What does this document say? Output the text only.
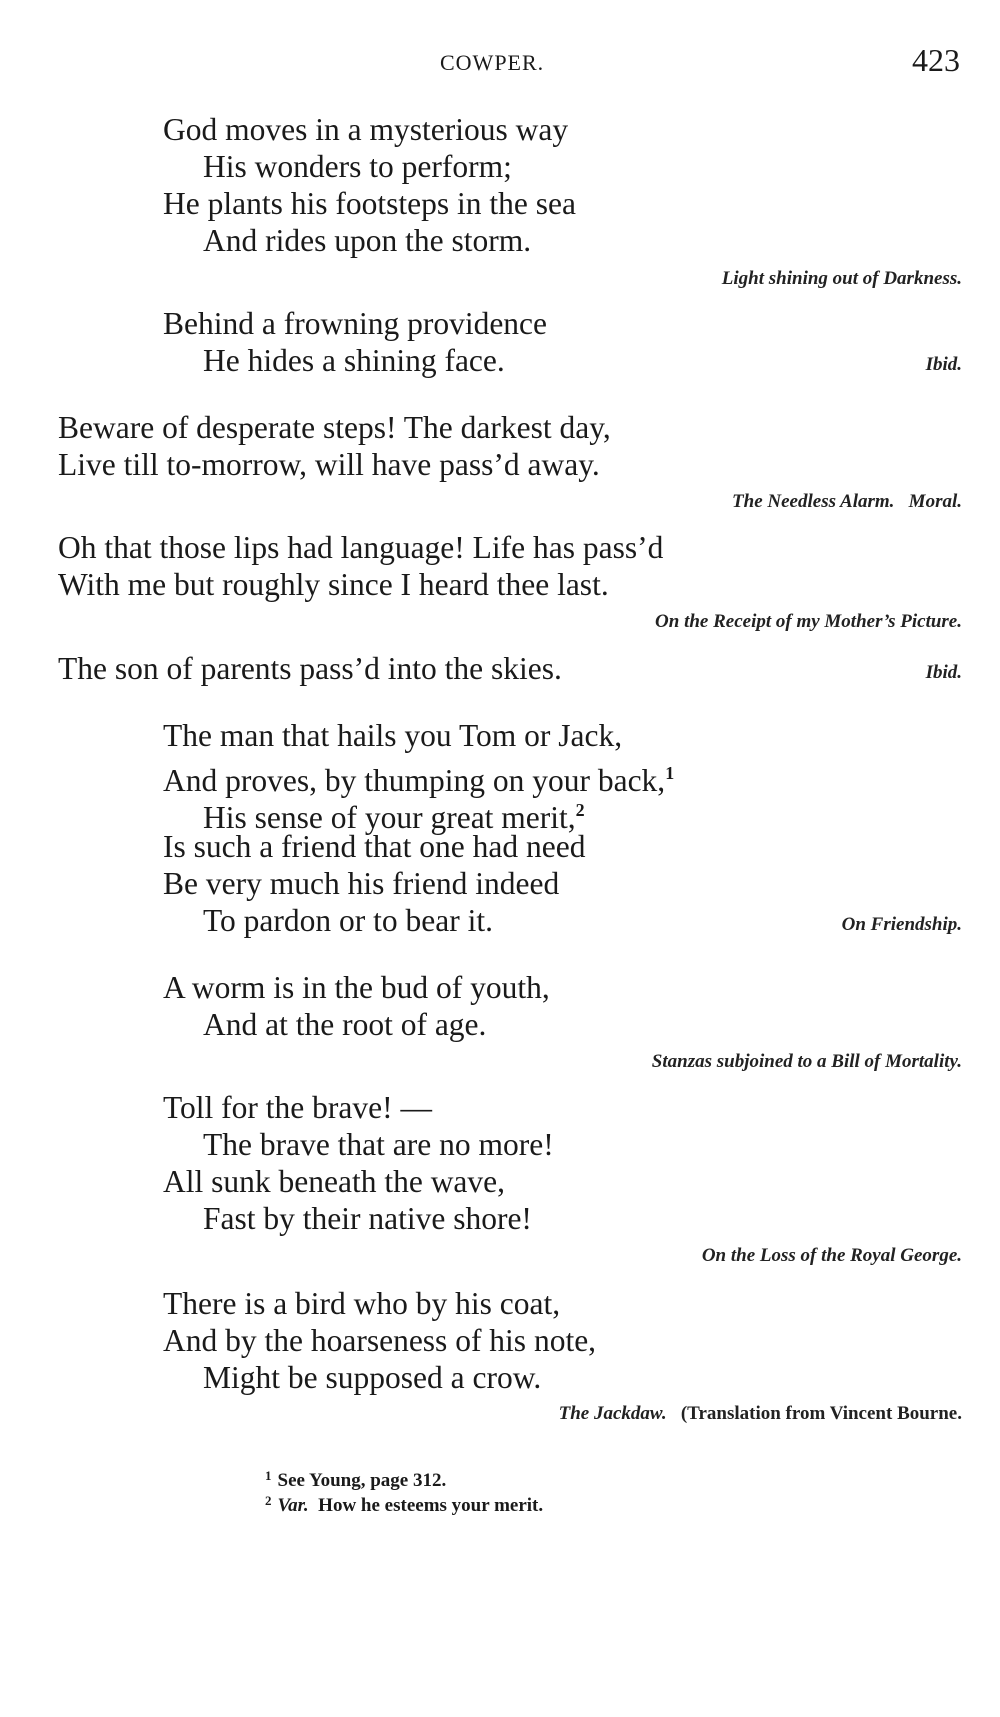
COWPER.	423
God moves in a mysterious way
His wonders to perform;
He plants his footsteps in the sea
And rides upon the storm.
Light shining out of Darkness.
Behind a frowning providence
He hides a shining face.	Ibid.
Beware of desperate steps! The darkest day,
Live till to-morrow, will have pass’d away.
The Needless Alarm. Moral.
Oh that those lips had language! Life has pass’d
With me but roughly since I heard thee last.
On the Receipt of my Mother’s Picture.
The son of parents pass’d into the skies.	Ibid.
The man that hails you Tom or Jack,
And proves, by thumping on your back,$^1$
His sense of your great merit,$^2$
Is such a friend that one had need
Be very much his friend indeed
To pardon or to bear it.	On Friendship.
A worm is in the bud of youth,
And at the root of age.
Stanzas subjoined to a Bill of Mortality.
Toll for the brave! —
The brave that are no more!
All sunk beneath the wave,
Fast by their native shore!
On the Loss of the Royal George.
There is a bird who by his coat,
And by the hoarseness of his note,
Might be supposed a crow.
The Jackdaw. (Translation from Vincent Bourne.
$^1$ See Young, page 312.
$^2$ Var. How he esteems your merit.
